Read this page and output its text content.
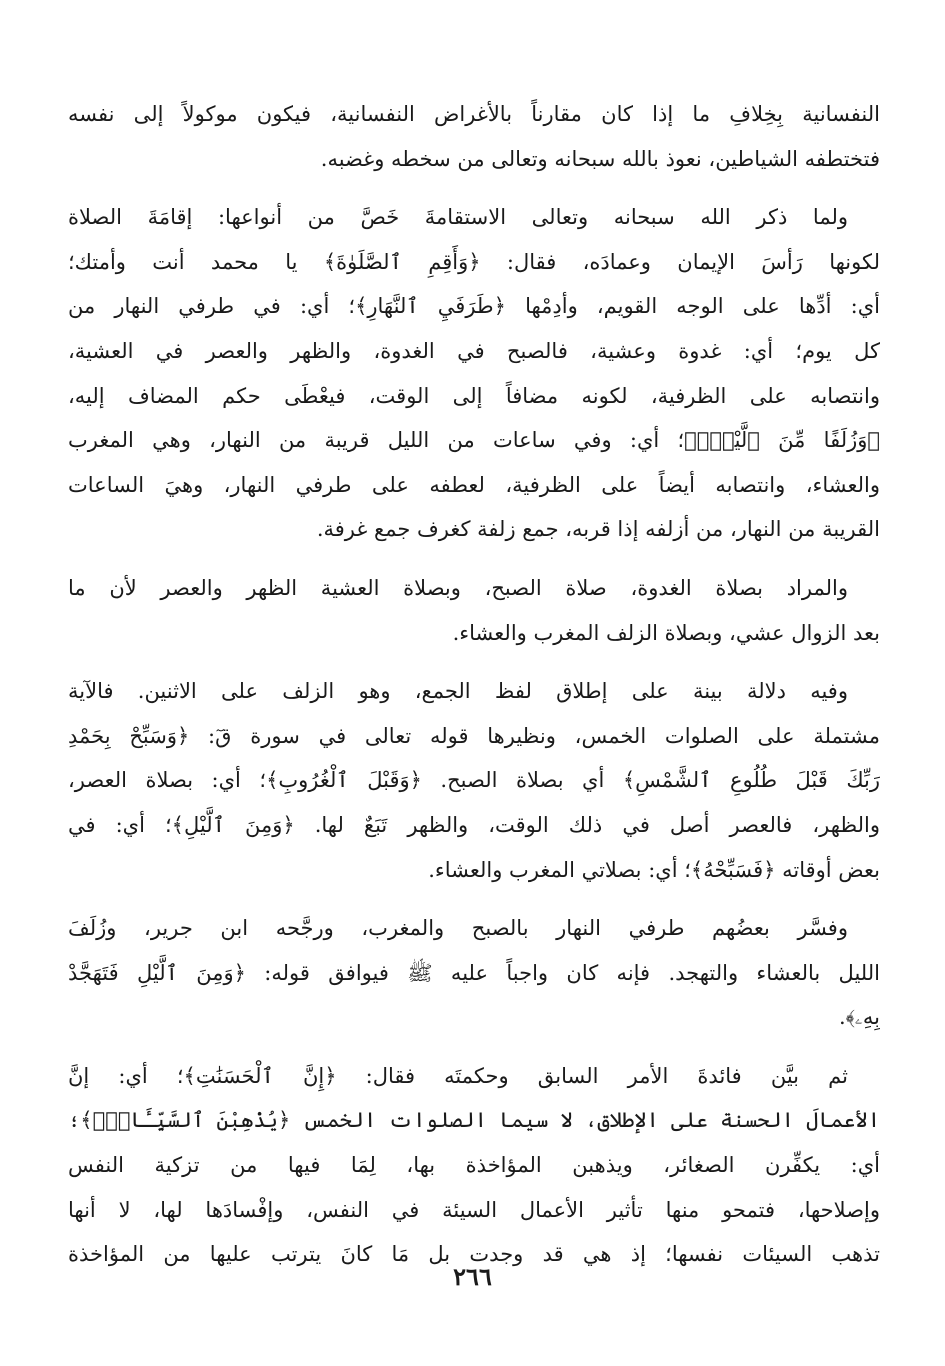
النفسانية بِخِلافِ ما إذا كان مقارناً بالأغراض النفسانية، فيكون موكولاً إلى نفسه
فتختطفه الشياطين، نعوذ بالله سبحانه وتعالى من سخطه وغضبه.
ولما ذكر الله سبحانه وتعالى الاستقامةَ خَصَّ من أنواعها: إقامَةَ الصلاة
لكونها رَأسَ الإيمان وعمادَه، فقال: ﴿وَأَقِمِ ٱلصَّلَوٰةَ﴾ يا محمد أنت وأمتك؛
أي: أدِّها على الوجه القويم، وأدِمْها ﴿طَرَفَيِ ٱلنَّهَارِ﴾؛ أي: في طرفي النهار من
كل يوم؛ أي: غدوة وعشية، فالصبح في الغدوة، والظهر والعصر في العشية،
وانتصابه على الظرفية، لكونه مضافاً إلى الوقت، فيعْطَى حكم المضاف إليه،
﴿وَزُلَفًا مِّنَ ٱلَّيْلِۚ﴾؛ أي: وفي ساعات من الليل قريبة من النهار، وهي المغرب
والعشاء، وانتصابه أيضاً على الظرفية، لعطفه على طرفي النهار، وهيَ الساعات
القريبة من النهار، من أزلفه إذا قربه، جمع زلفة كغرف جمع غرفة.
والمراد بصلاة الغدوة، صلاة الصبح، وبصلاة العشية الظهر والعصر لأن ما
بعد الزوال عشي، وبصلاة الزلف المغرب والعشاء.
وفيه دلالة بينة على إطلاق لفظ الجمع، وهو الزلف على الاثنين. فالآية
مشتملة على الصلوات الخمس، ونظيرها قوله تعالى في سورة قٓ: ﴿وَسَبِّحْ بِحَمْدِ
رَبِّكَ قَبْلَ طُلُوعِ ٱلشَّمْسِ﴾ أي بصلاة الصبح. ﴿وَقَبْلَ ٱلْغُرُوبِ﴾؛ أي: بصلاة العصر،
والظهر، فالعصر أصل في ذلك الوقت، والظهر تَبَعٌ لها. ﴿وَمِنَ ٱلَّيْلِ﴾؛ أي: في
بعض أوقاته ﴿فَسَبِّحْهُ﴾؛ أي: بصلاتي المغرب والعشاء.
وفسَّر بعضُهم طرفي النهار بالصبح والمغرب، ورجَّحه ابن جرير، وزُلَفَ
الليل بالعشاء والتهجد. فإنه كان واجباً عليه ﷺ فيوافق قوله: ﴿وَمِنَ ٱلَّيْلِ فَتَهَجَّدْ
بِهِۦ﴾.
ثم بيَّن فائدةَ الأمر السابق وحكمتَه فقال: ﴿إِنَّ ٱلْحَسَنَٰتِ﴾؛ أي: إنَّ
الأعمالَ الحسنة على الإطلاق، لا سيما الصلوات الخمس ﴿يُذْهِبْنَ ٱلسَّيِّـَٔاتِۚ﴾؛
أي: يكفِّرن الصغائر، ويذهبن المؤاخذة بها، لِمَا فيها من تزكية النفس
وإصلاحها، فتمحو منها تأثير الأعمال السيئة في النفس، وإفْسادَها لها، لا أنها
تذهب السيئات نفسها؛ إذ هي قد وجدت بل مَا كانَ يترتب عليها من المؤاخذة
٢٦٦
